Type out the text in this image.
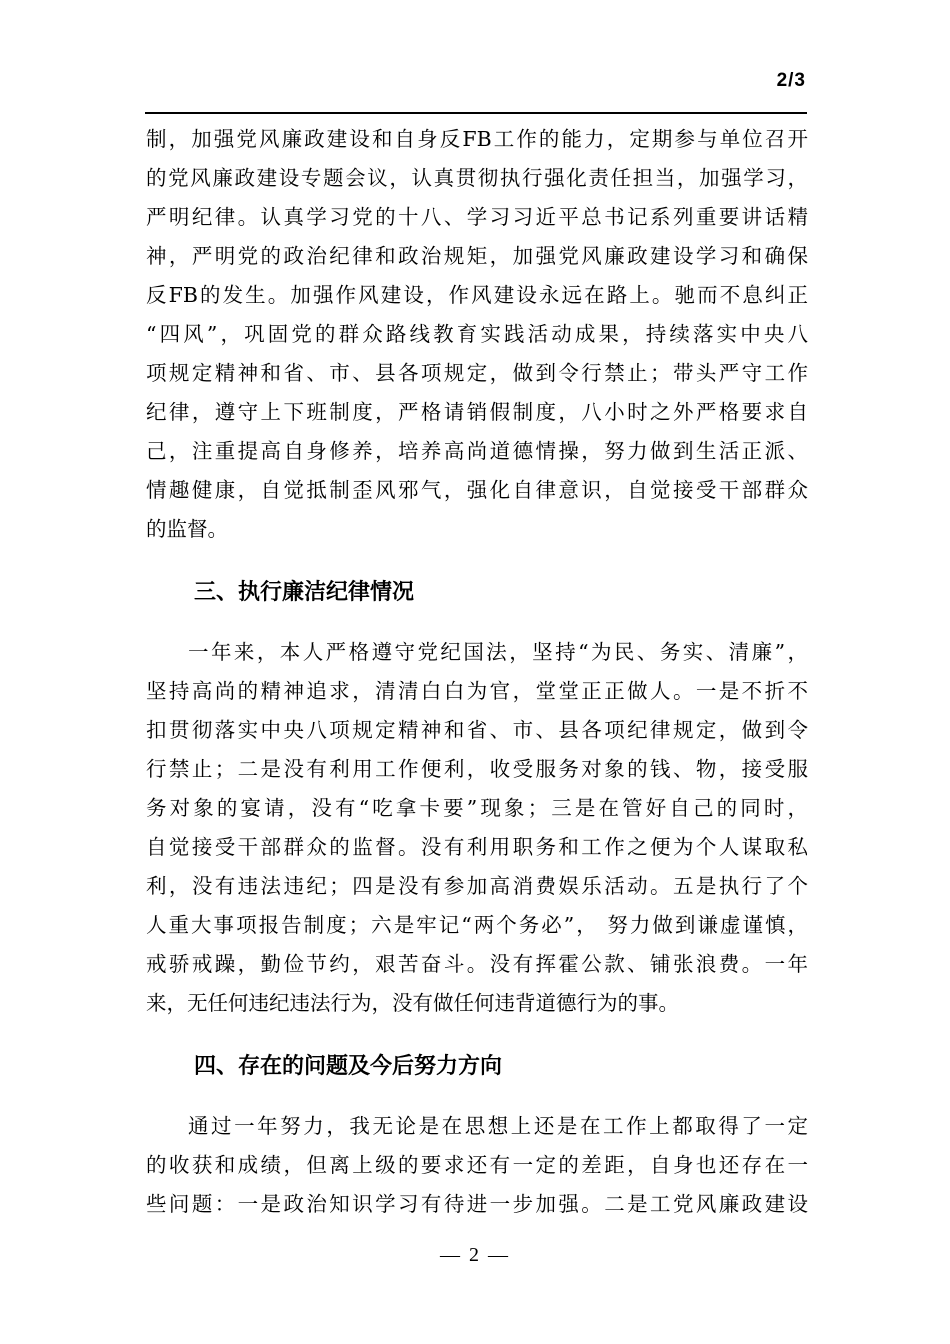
2/3
制，加强党风廉政建设和自身反FB工作的能力，定期参与单位召开
的党风廉政建设专题会议，认真贯彻执行强化责任担当，加强学习，
严明纪律。认真学习党的十八、学习习近平总书记系列重要讲话精
神，严明党的政治纪律和政治规矩，加强党风廉政建设学习和确保
反FB的发生。加强作风建设，作风建设永远在路上。驰而不息纠正
“四风”，巩固党的群众路线教育实践活动成果，持续落实中央八
项规定精神和省、市、县各项规定，做到令行禁止；带头严守工作
纪律，遵守上下班制度，严格请销假制度，八小时之外严格要求自
己，注重提高自身修养，培养高尚道德情操，努力做到生活正派、
情趣健康，自觉抵制歪风邪气，强化自律意识，自觉接受干部群众
的监督。
三、执行廉洁纪律情况
一年来，本人严格遵守党纪国法，坚持“为民、务实、清廉”，
坚持高尚的精神追求，清清白白为官，堂堂正正做人。一是不折不
扣贯彻落实中央八项规定精神和省、市、县各项纪律规定，做到令
行禁止；二是没有利用工作便利，收受服务对象的钱、物，接受服
务对象的宴请，没有“吃拿卡要”现象；三是在管好自己的同时，
自觉接受干部群众的监督。没有利用职务和工作之便为个人谋取私
利，没有违法违纪；四是没有参加高消费娱乐活动。五是执行了个
人重大事项报告制度；六是牢记“两个务必”， 努力做到谦虚谨慎，
戒骄戒躁，勤俭节约，艰苦奋斗。没有挥霍公款、铺张浪费。一年
来，无任何违纪违法行为，没有做任何违背道德行为的事。
四、存在的问题及今后努力方向
通过一年努力，我无论是在思想上还是在工作上都取得了一定
的收获和成绩，但离上级的要求还有一定的差距，自身也还存在一
些问题：一是政治知识学习有待进一步加强。二是工党风廉政建设
— 2 —
